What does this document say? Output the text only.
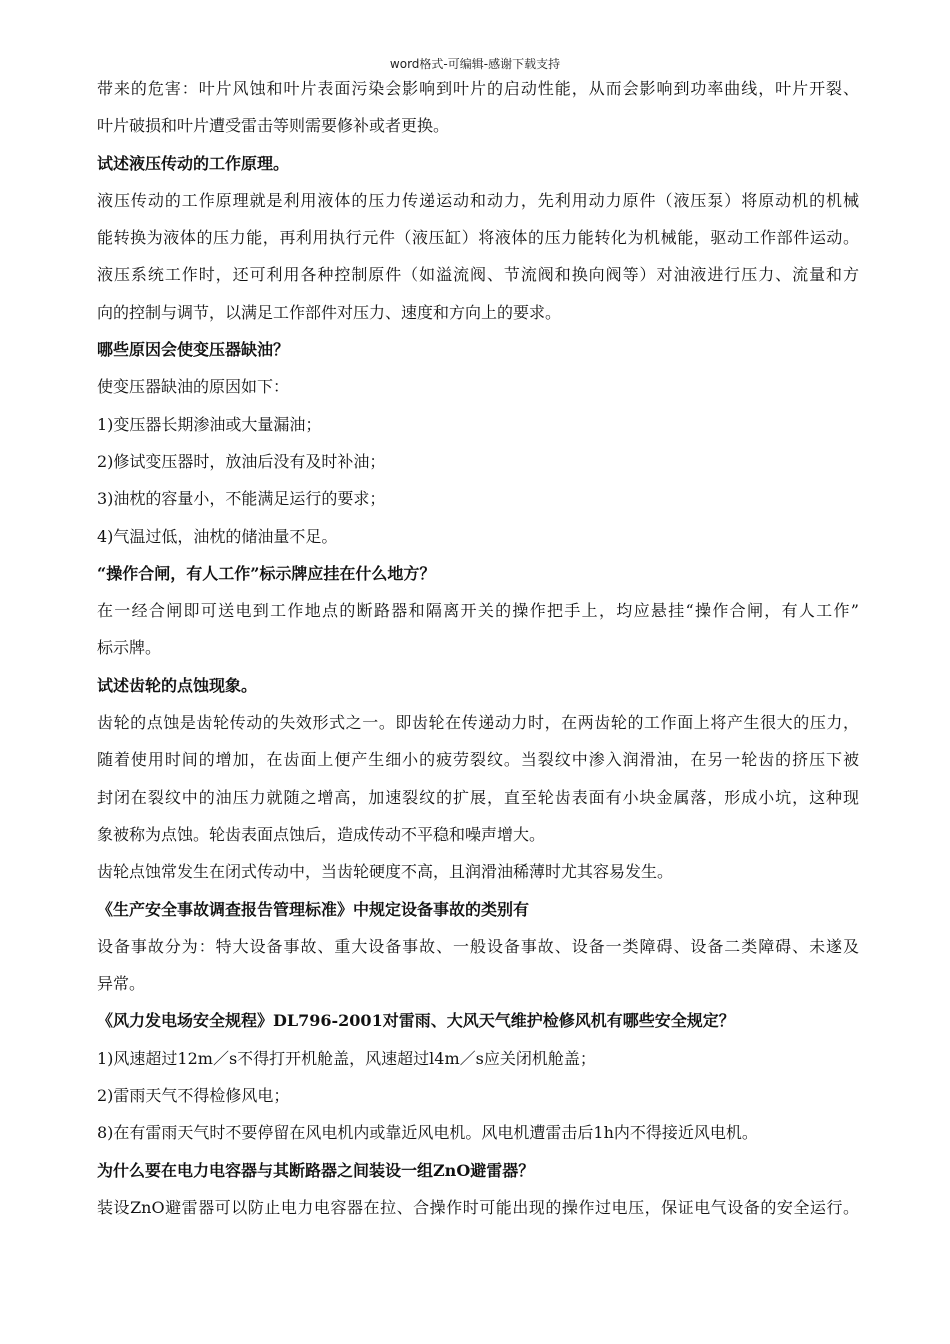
word格式-可编辑-感谢下载支持
带来的危害：叶片风蚀和叶片表面污染会影响到叶片的启动性能，从而会影响到功率曲线，叶片开裂、
叶片破损和叶片遭受雷击等则需要修补或者更换。
试述液压传动的工作原理。
液压传动的工作原理就是利用液体的压力传递运动和动力，先利用动力原件（液压泵）将原动机的机械
能转换为液体的压力能，再利用执行元件（液压缸）将液体的压力能转化为机械能，驱动工作部件运动。
液压系统工作时，还可利用各种控制原件（如溢流阀、节流阀和换向阀等）对油液进行压力、流量和方
向的控制与调节，以满足工作部件对压力、速度和方向上的要求。
哪些原因会使变压器缺油？
使变压器缺油的原因如下：
1)变压器长期渗油或大量漏油；
2)修试变压器时，放油后没有及时补油；
3)油枕的容量小，不能满足运行的要求；
4)气温过低，油枕的储油量不足。
“操作合闸，有人工作”标示牌应挂在什么地方？
在一经合闸即可送电到工作地点的断路器和隔离开关的操作把手上，均应悬挂“操作合闸，有人工作”
标示牌。
试述齿轮的点蚀现象。
齿轮的点蚀是齿轮传动的失效形式之一。即齿轮在传递动力时，在两齿轮的工作面上将产生很大的压力，
随着使用时间的增加，在齿面上便产生细小的疲劳裂纹。当裂纹中渗入润滑油，在另一轮齿的挤压下被
封闭在裂纹中的油压力就随之增高，加速裂纹的扩展，直至轮齿表面有小块金属落，形成小坑，这种现
象被称为点蚀。轮齿表面点蚀后，造成传动不平稳和噪声增大。
齿轮点蚀常发生在闭式传动中，当齿轮硬度不高，且润滑油稀薄时尤其容易发生。
《生产安全事故调查报告管理标准》中规定设备事故的类别有
设备事故分为：特大设备事故、重大设备事故、一般设备事故、设备一类障碍、设备二类障碍、未遂及
异常。
《风力发电场安全规程》DL796-2001对雷雨、大风天气维护检修风机有哪些安全规定？
1)风速超过12m／s不得打开机舱盖，风速超过l4m／s应关闭机舱盖；
2)雷雨天气不得检修风电；
8)在有雷雨天气时不要停留在风电机内或靠近风电机。风电机遭雷击后1h内不得接近风电机。
为什么要在电力电容器与其断路器之间装设一组ZnO避雷器？
装设ZnO避雷器可以防止电力电容器在拉、合操作时可能出现的操作过电压，保证电气设备的安全运行。
